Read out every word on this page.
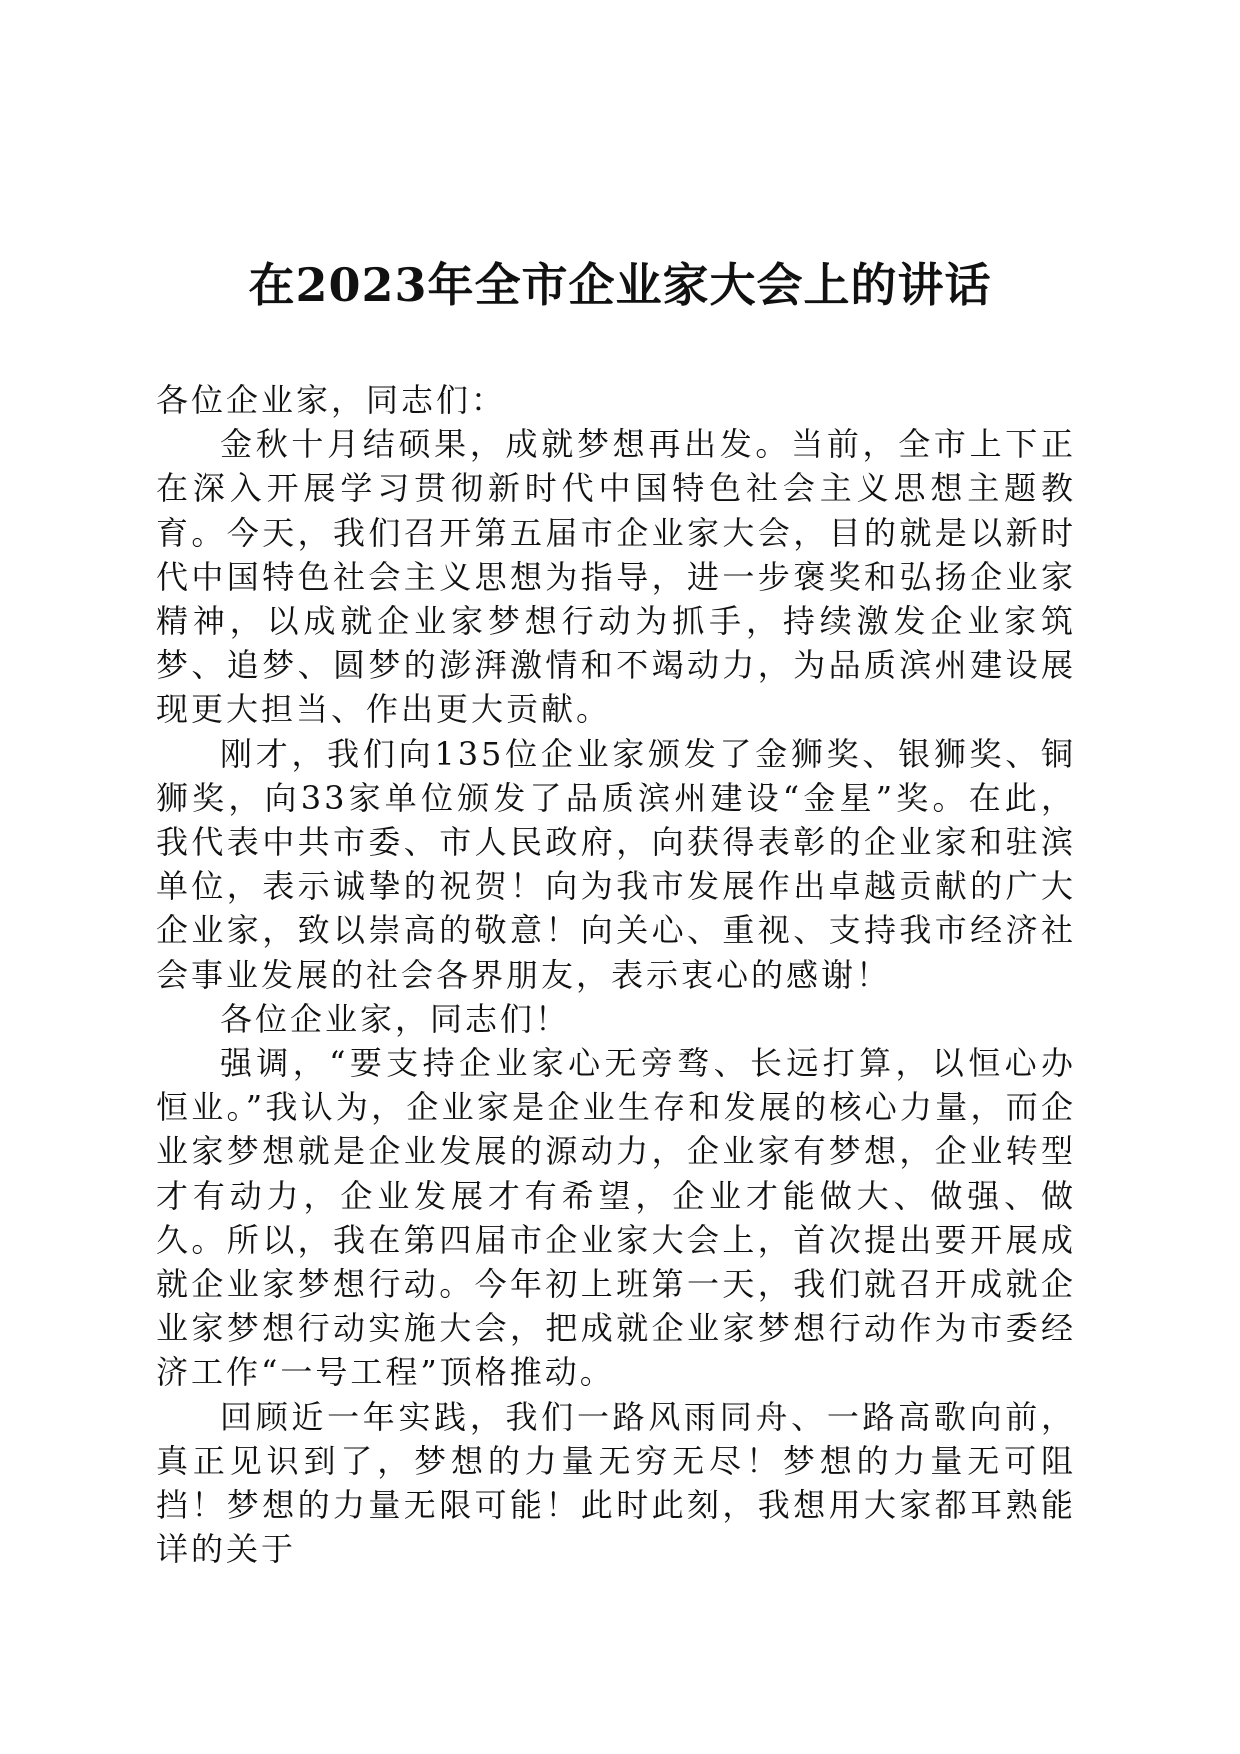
在2023年全市企业家大会上的讲话

各位企业家，同志们：

金秋十月结硕果，成就梦想再出发。当前，全市上下正在深入开展学习贯彻新时代中国特色社会主义思想主题教育。今天，我们召开第五届市企业家大会，目的就是以新时代中国特色社会主义思想为指导，进一步褒奖和弘扬企业家精神，以成就企业家梦想行动为抓手，持续激发企业家筑梦、追梦、圆梦的澎湃激情和不竭动力，为品质滨州建设展现更大担当、作出更大贡献。

刚才，我们向135位企业家颁发了金狮奖、银狮奖、铜狮奖，向33家单位颁发了品质滨州建设“金星”奖。在此，我代表中共市委、市人民政府，向获得表彰的企业家和驻滨单位，表示诚挚的祝贺！向为我市发展作出卓越贡献的广大企业家，致以崇高的敬意！向关心、重视、支持我市经济社会事业发展的社会各界朋友，表示衷心的感谢！

各位企业家，同志们！

强调，“要支持企业家心无旁骛、长远打算，以恒心办恒业。”我认为，企业家是企业生存和发展的核心力量，而企业家梦想就是企业发展的源动力，企业家有梦想，企业转型才有动力，企业发展才有希望，企业才能做大、做强、做久。所以，我在第四届市企业家大会上，首次提出要开展成就企业家梦想行动。今年初上班第一天，我们就召开成就企业家梦想行动实施大会，把成就企业家梦想行动作为市委经济工作“一号工程”顶格推动。

回顾近一年实践，我们一路风雨同舟、一路高歌向前，真正见识到了，梦想的力量无穷无尽！梦想的力量无可阻挡！梦想的力量无限可能！此时此刻，我想用大家都耳熟能详的关于
